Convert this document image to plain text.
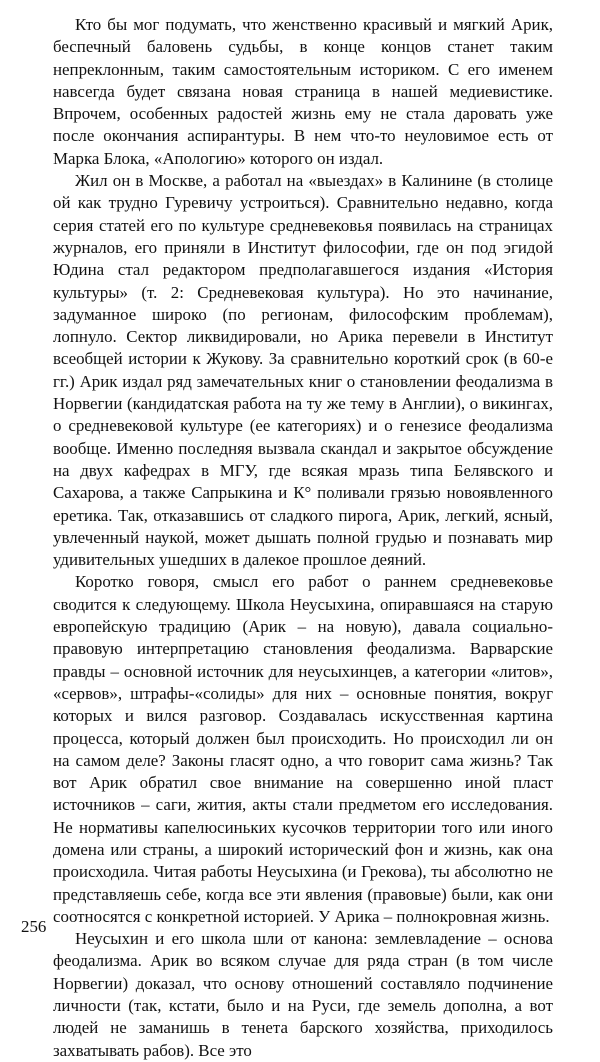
Кто бы мог подумать, что женственно красивый и мягкий Арик, беспечный баловень судьбы, в конце концов станет таким непреклонным, таким самостоятельным историком. С его именем навсегда будет связана новая страница в нашей медиевистике. Впрочем, особенных радостей жизнь ему не стала даровать уже после окончания аспирантуры. В нем что-то неуловимое есть от Марка Блока, «Апологию» которого он издал.

Жил он в Москве, а работал на «выездах» в Калинине (в столице ой как трудно Гуревичу устроиться). Сравнительно недавно, когда серия статей его по культуре средневековья появилась на страницах журналов, его приняли в Институт философии, где он под эгидой Юдина стал редактором предполагавшегося издания «История культуры» (т. 2: Средневековая культура). Но это начинание, задуманное широко (по регионам, философским проблемам), лопнуло. Сектор ликвидировали, но Арика перевели в Институт всеобщей истории к Жукову. За сравнительно короткий срок (в 60-е гг.) Арик издал ряд замечательных книг о становлении феодализма в Норвегии (кандидатская работа на ту же тему в Англии), о викингах, о средневековой культуре (ее категориях) и о генезисе феодализма вообще. Именно последняя вызвала скандал и закрытое обсуждение на двух кафедрах в МГУ, где всякая мразь типа Белявского и Сахарова, а также Сапрыкина и К° поливали грязью новоявленного еретика. Так, отказавшись от сладкого пирога, Арик, легкий, ясный, увлеченный наукой, может дышать полной грудью и познавать мир удивительных ушедших в далекое прошлое деяний.

Коротко говоря, смысл его работ о раннем средневековье сводится к следующему. Школа Неусыхина, опиравшаяся на старую европейскую традицию (Арик – на новую), давала социально-правовую интерпретацию становления феодализма. Варварские правды – основной источник для неусыхинцев, а категории «литов», «сервов», штрафы-«солиды» для них – основные понятия, вокруг которых и вился разговор. Создавалась искусственная картина процесса, который должен был происходить. Но происходил ли он на самом деле? Законы гласят одно, а что говорит сама жизнь? Так вот Арик обратил свое внимание на совершенно иной пласт источников – саги, жития, акты стали предметом его исследования. Не нормативы капелюсиньких кусочков территории того или иного домена или страны, а широкий исторический фон и жизнь, как она происходила. Читая работы Неусыхина (и Грекова), ты абсолютно не представляешь себе, когда все эти явления (правовые) были, как они соотносятся с конкретной историей. У Арика – полнокровная жизнь.

Неусыхин и его школа шли от канона: землевладение – основа феодализма. Арик во всяком случае для ряда стран (в том числе Норвегии) доказал, что основу отношений составляло подчинение личности (так, кстати, было и на Руси, где земель дополна, а вот людей не заманишь в тенета барского хозяйства, приходилось захватывать рабов). Все это

256
